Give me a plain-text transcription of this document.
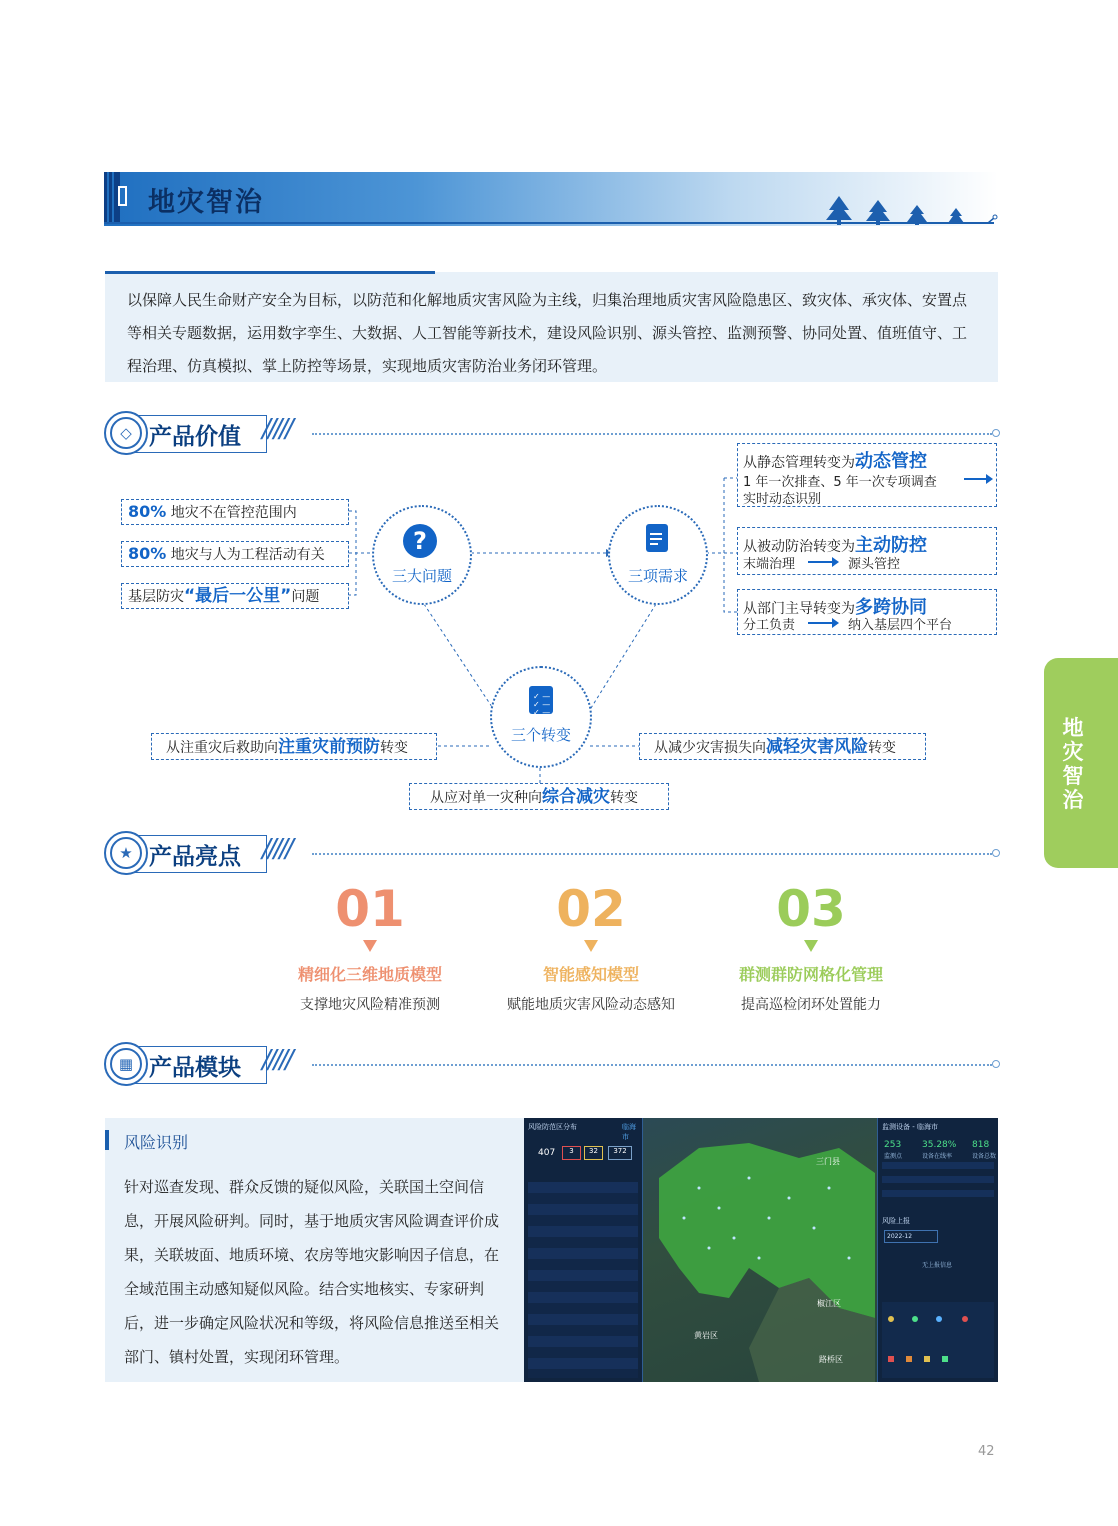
地灾智治
以保障人民生命财产安全为目标，以防范和化解地质灾害风险为主线，归集治理地质灾害风险隐患区、致灾体、承灾体、安置点等相关专题数据，运用数字孪生、大数据、人工智能等新技术，建设风险识别、源头管控、监测预警、协同处置、值班值守、工程治理、仿真模拟、掌上防控等场景，实现地质灾害防治业务闭环管理。
◇ 产品价值 /////
80% 地灾不在管控范围内
80% 地灾与人为工程活动有关
基层防灾“最后一公里”问题
?
三大问题	三项需求
✓ —
✓ —
✓ —
三个转变
从静态管理转变为动态管控
1 年一次排查、5 年一次专项调查
实时动态识别
从被动防治转变为主动防控
末端治理	源头管控
从部门主导转变为多跨协同
分工负责	纳入基层四个平台
从注重灾后救助向注重灾前预防转变	从减少灾害损失向减轻灾害风险转变
从应对单一灾种向综合减灾转变
★ 产品亮点 /////
01
精细化三维地质模型
支撑地灾风险精准预测
02
智能感知模型
赋能地质灾害风险动态感知
03
群测群防网格化管理
提高巡检闭环处置能力
▦ 产品模块 /////
风险识别
针对巡查发现、群众反馈的疑似风险，关联国土空间信息，开展风险研判。同时，基于地质灾害风险调查评价成果，关联坡面、地质环境、农房等地灾影响因子信息，在全域范围主动感知疑似风险。结合实地核实、专家研判后，进一步确定风险状况和等级，将风险信息推送至相关部门、镇村处置，实现闭环管理。
三门县
椒江区
黄岩区
路桥区
风险防范区分布	临海市
407	3	32	372
监测设备 - 临海市
253
监测点
35.28%
设备在线率
818
设备总数
风险上报
2022-12
无上报信息
地灾智治
42
